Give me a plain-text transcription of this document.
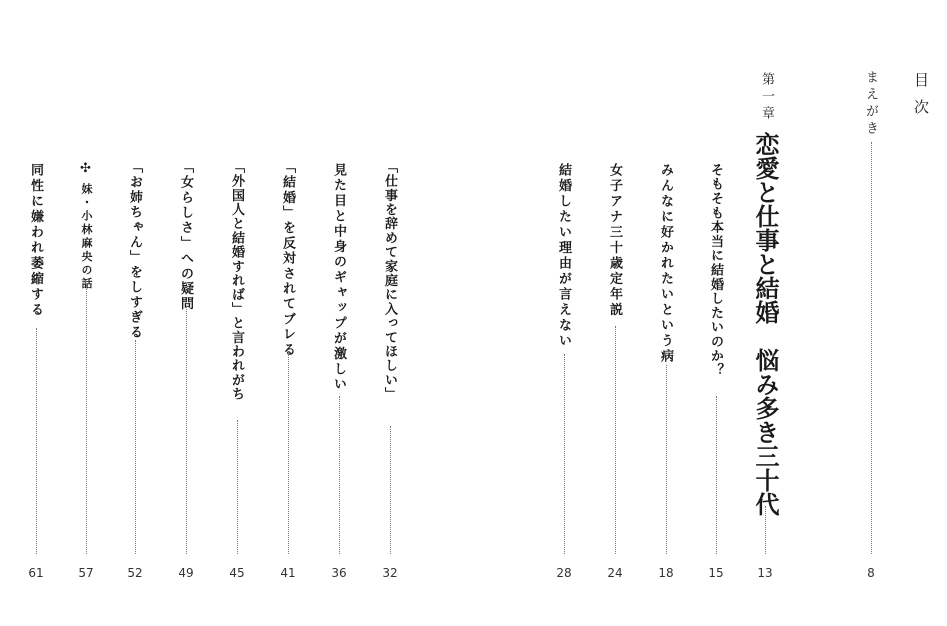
目次
まえがき
8
第一章
恋愛と仕事と結婚　悩み多き三十代
13
そもそも本当に結婚したいのか？
15
みんなに好かれたいという病
18
女子アナ三十歳定年説
24
結婚したい理由が言えない
28
「仕事を辞めて家庭に入ってほしい」
32
見た目と中身のギャップが激しい
36
「結婚」を反対されてブレる
41
「外国人と結婚すれば」と言われがち
45
「女らしさ」への疑問
49
「お姉ちゃん」をしすぎる
52
✣
妹・小林麻央の話
57
同性に嫌われ萎縮する
61
